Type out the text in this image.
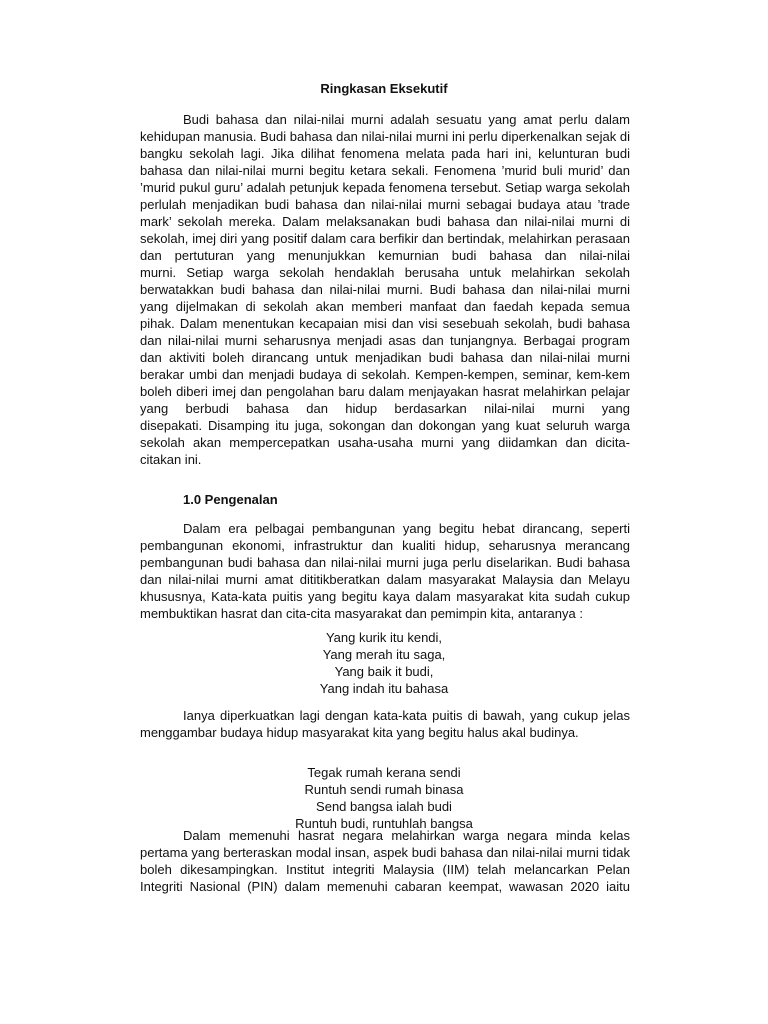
Ringkasan Eksekutif
Budi bahasa dan nilai-nilai murni adalah sesuatu yang amat perlu dalam
kehidupan manusia. Budi bahasa dan nilai-nilai murni ini perlu diperkenalkan sejak di
bangku sekolah lagi. Jika dilihat fenomena melata pada hari ini, kelunturan budi
bahasa dan nilai-nilai murni begitu ketara sekali. Fenomena ’murid buli murid’ dan
’murid pukul guru’ adalah petunjuk kepada fenomena tersebut. Setiap warga sekolah
perlulah menjadikan budi bahasa dan nilai-nilai murni sebagai budaya atau ’trade
mark’ sekolah mereka. Dalam melaksanakan budi bahasa dan nilai-nilai murni di
sekolah, imej diri yang positif dalam cara berfikir dan bertindak, melahirkan perasaan
dan pertuturan yang menunjukkan kemurnian budi bahasa dan nilai-nilai
murni. Setiap warga sekolah hendaklah berusaha untuk melahirkan sekolah
berwatakkan budi bahasa dan nilai-nilai murni. Budi bahasa dan nilai-nilai murni
yang dijelmakan di sekolah akan memberi manfaat dan faedah kepada semua
pihak. Dalam menentukan kecapaian misi dan visi sesebuah sekolah, budi bahasa
dan nilai-nilai murni seharusnya menjadi asas dan tunjangnya. Berbagai program
dan aktiviti boleh dirancang untuk menjadikan budi bahasa dan nilai-nilai murni
berakar umbi dan menjadi budaya di sekolah. Kempen-kempen, seminar, kem-kem
boleh diberi imej dan pengolahan baru dalam menjayakan hasrat melahirkan pelajar
yang berbudi bahasa dan hidup berdasarkan nilai-nilai murni yang
disepakati. Disamping itu juga, sokongan dan dokongan yang kuat seluruh warga
sekolah akan mempercepatkan usaha-usaha murni yang diidamkan dan dicita-
citakan ini.
1.0 Pengenalan
Dalam era pelbagai pembangunan yang begitu hebat dirancang, seperti
pembangunan ekonomi, infrastruktur dan kualiti hidup, seharusnya merancang
pembangunan budi bahasa dan nilai-nilai murni juga perlu diselarikan. Budi bahasa
dan nilai-nilai murni amat dititikberatkan dalam masyarakat Malaysia dan Melayu
khususnya, Kata-kata puitis yang begitu kaya dalam masyarakat kita sudah cukup
membuktikan hasrat dan cita-cita masyarakat dan pemimpin kita, antaranya :
Yang kurik itu kendi,
Yang merah itu saga,
Yang baik it budi,
Yang indah itu bahasa
Ianya diperkuatkan lagi dengan kata-kata puitis di bawah, yang cukup jelas
menggambar budaya hidup masyarakat kita yang begitu halus akal budinya.
Tegak rumah kerana sendi
Runtuh sendi rumah binasa
Send bangsa ialah budi
Runtuh budi, runtuhlah bangsa
Dalam memenuhi hasrat negara melahirkan warga negara minda kelas
pertama yang berteraskan modal insan, aspek budi bahasa dan nilai-nilai murni tidak
boleh dikesampingkan. Institut integriti Malaysia (IIM) telah melancarkan Pelan
Integriti Nasional (PIN) dalam memenuhi cabaran keempat, wawasan 2020 iaitu
